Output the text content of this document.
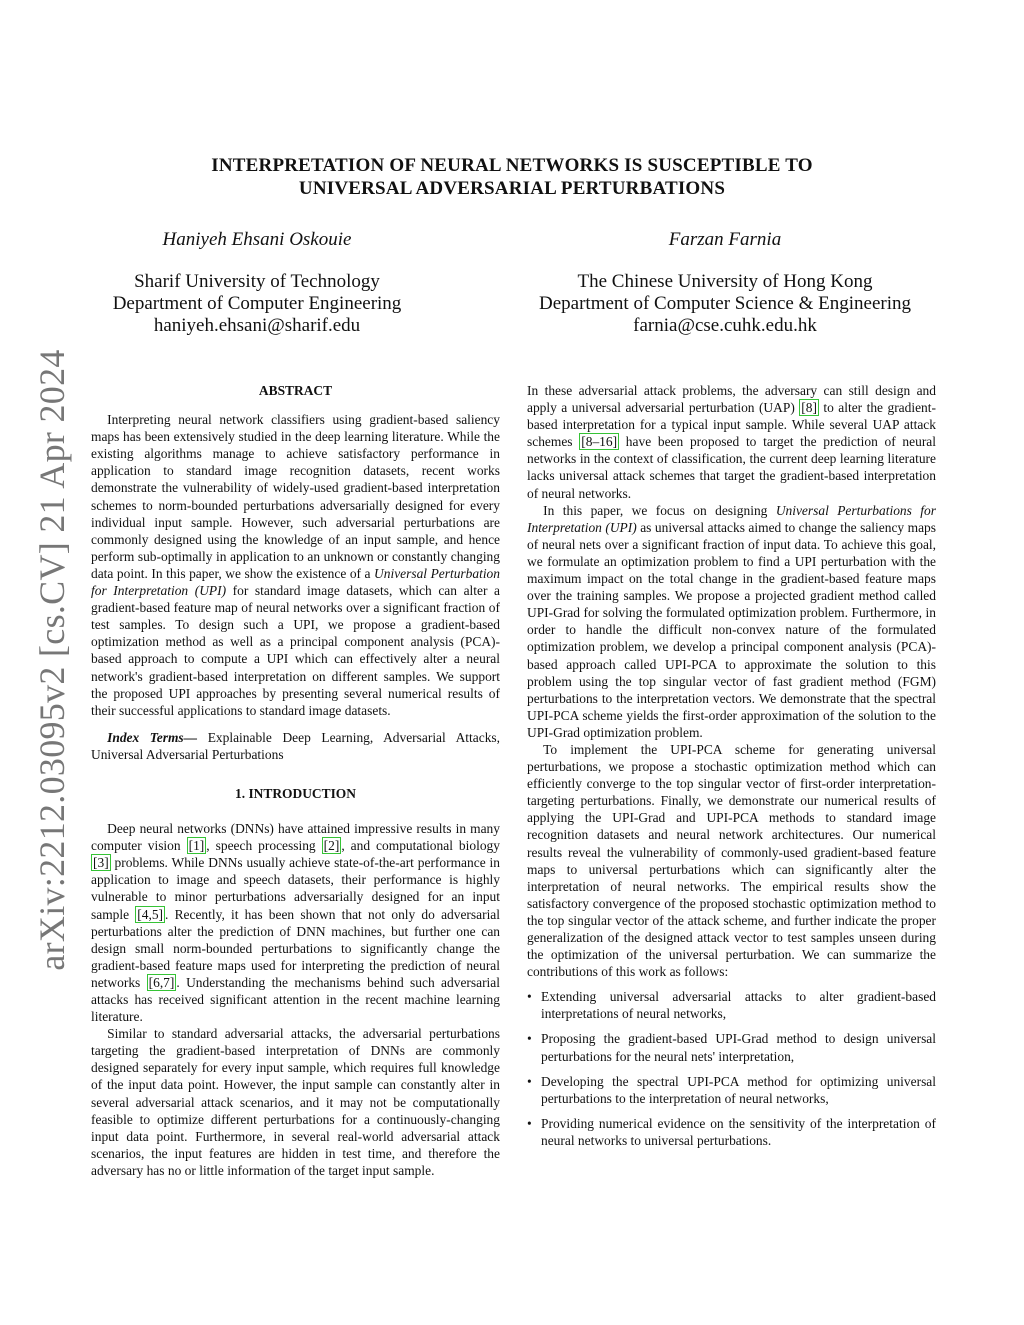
arXiv:2212.03095v2 [cs.CV] 21 Apr 2024
INTERPRETATION OF NEURAL NETWORKS IS SUSCEPTIBLE TO
UNIVERSAL ADVERSARIAL PERTURBATIONS
Haniyeh Ehsani Oskouie
Sharif University of Technology
Department of Computer Engineering
haniyeh.ehsani@sharif.edu
Farzan Farnia
The Chinese University of Hong Kong
Department of Computer Science & Engineering
farnia@cse.cuhk.edu.hk
ABSTRACT

Interpreting neural network classifiers using gradient-based saliency maps has been extensively studied in the deep learning literature. While the existing algorithms manage to achieve satisfactory performance in application to standard image recognition datasets, recent works demonstrate the vulnerability of widely-used gradient-based interpretation schemes to norm-bounded perturbations adversarially designed for every individual input sample. However, such adversarial perturbations are commonly designed using the knowledge of an input sample, and hence perform sub-optimally in application to an unknown or constantly changing data point. In this paper, we show the existence of a Universal Perturbation for Interpretation (UPI) for standard image datasets, which can alter a gradient-based feature map of neural networks over a significant fraction of test samples. To design such a UPI, we propose a gradient-based optimization method as well as a principal component analysis (PCA)-based approach to compute a UPI which can effectively alter a neural network's gradient-based interpretation on different samples. We support the proposed UPI approaches by presenting several numerical results of their successful applications to standard image datasets.

Index Terms— Explainable Deep Learning, Adversarial Attacks, Universal Adversarial Perturbations

1. INTRODUCTION

Deep neural networks (DNNs) have attained impressive results in many computer vision [1] , speech processing [2] , and computational biology [3] problems. While DNNs usually achieve state-of-the-art performance in application to image and speech datasets, their performance is highly vulnerable to minor perturbations adversarially designed for an input sample [4,5] . Recently, it has been shown that not only do adversarial perturbations alter the prediction of DNN machines, but further one can design small norm-bounded perturbations to significantly change the gradient-based feature maps used for interpreting the prediction of neural networks [6,7] . Understanding the mechanisms behind such adversarial attacks has received significant attention in the recent machine learning literature.

Similar to standard adversarial attacks, the adversarial perturbations targeting the gradient-based interpretation of DNNs are commonly designed separately for every input sample, which requires full knowledge of the input data point. However, the input sample can constantly alter in several adversarial attack scenarios, and it may not be computationally feasible to optimize different perturbations for a continuously-changing input data point. Furthermore, in several real-world adversarial attack scenarios, the input features are hidden in test time, and therefore the adversary has no or little information of the target input sample.

In these adversarial attack problems, the adversary can still design and apply a universal adversarial perturbation (UAP) [8] to alter the gradient-based interpretation for a typical input sample. While several UAP attack schemes [8–16] have been proposed to target the prediction of neural networks in the context of classification, the current deep learning literature lacks universal attack schemes that target the gradient-based interpretation of neural networks.

In this paper, we focus on designing Universal Perturbations for Interpretation (UPI) as universal attacks aimed to change the saliency maps of neural nets over a significant fraction of input data. To achieve this goal, we formulate an optimization problem to find a UPI perturbation with the maximum impact on the total change in the gradient-based feature maps over the training samples. We propose a projected gradient method called UPI-Grad for solving the formulated optimization problem. Furthermore, in order to handle the difficult non-convex nature of the formulated optimization problem, we develop a principal component analysis (PCA)-based approach called UPI-PCA to approximate the solution to this problem using the top singular vector of fast gradient method (FGM) perturbations to the interpretation vectors. We demonstrate that the spectral UPI-PCA scheme yields the first-order approximation of the solution to the UPI-Grad optimization problem.

To implement the UPI-PCA scheme for generating universal perturbations, we propose a stochastic optimization method which can efficiently converge to the top singular vector of first-order interpretation-targeting perturbations. Finally, we demonstrate our numerical results of applying the UPI-Grad and UPI-PCA methods to standard image recognition datasets and neural network architectures. Our numerical results reveal the vulnerability of commonly-used gradient-based feature maps to universal perturbations which can significantly alter the interpretation of neural networks. The empirical results show the satisfactory convergence of the proposed stochastic optimization method to the top singular vector of the attack scheme, and further indicate the proper generalization of the designed attack vector to test samples unseen during the optimization of the universal perturbation. We can summarize the contributions of this work as follows:

• Extending universal adversarial attacks to alter gradient-based interpretations of neural networks,
• Proposing the gradient-based UPI-Grad method to design universal perturbations for the neural nets' interpretation,
• Developing the spectral UPI-PCA method for optimizing universal perturbations to the interpretation of neural networks,
• Providing numerical evidence on the sensitivity of the interpretation of neural networks to universal perturbations.
